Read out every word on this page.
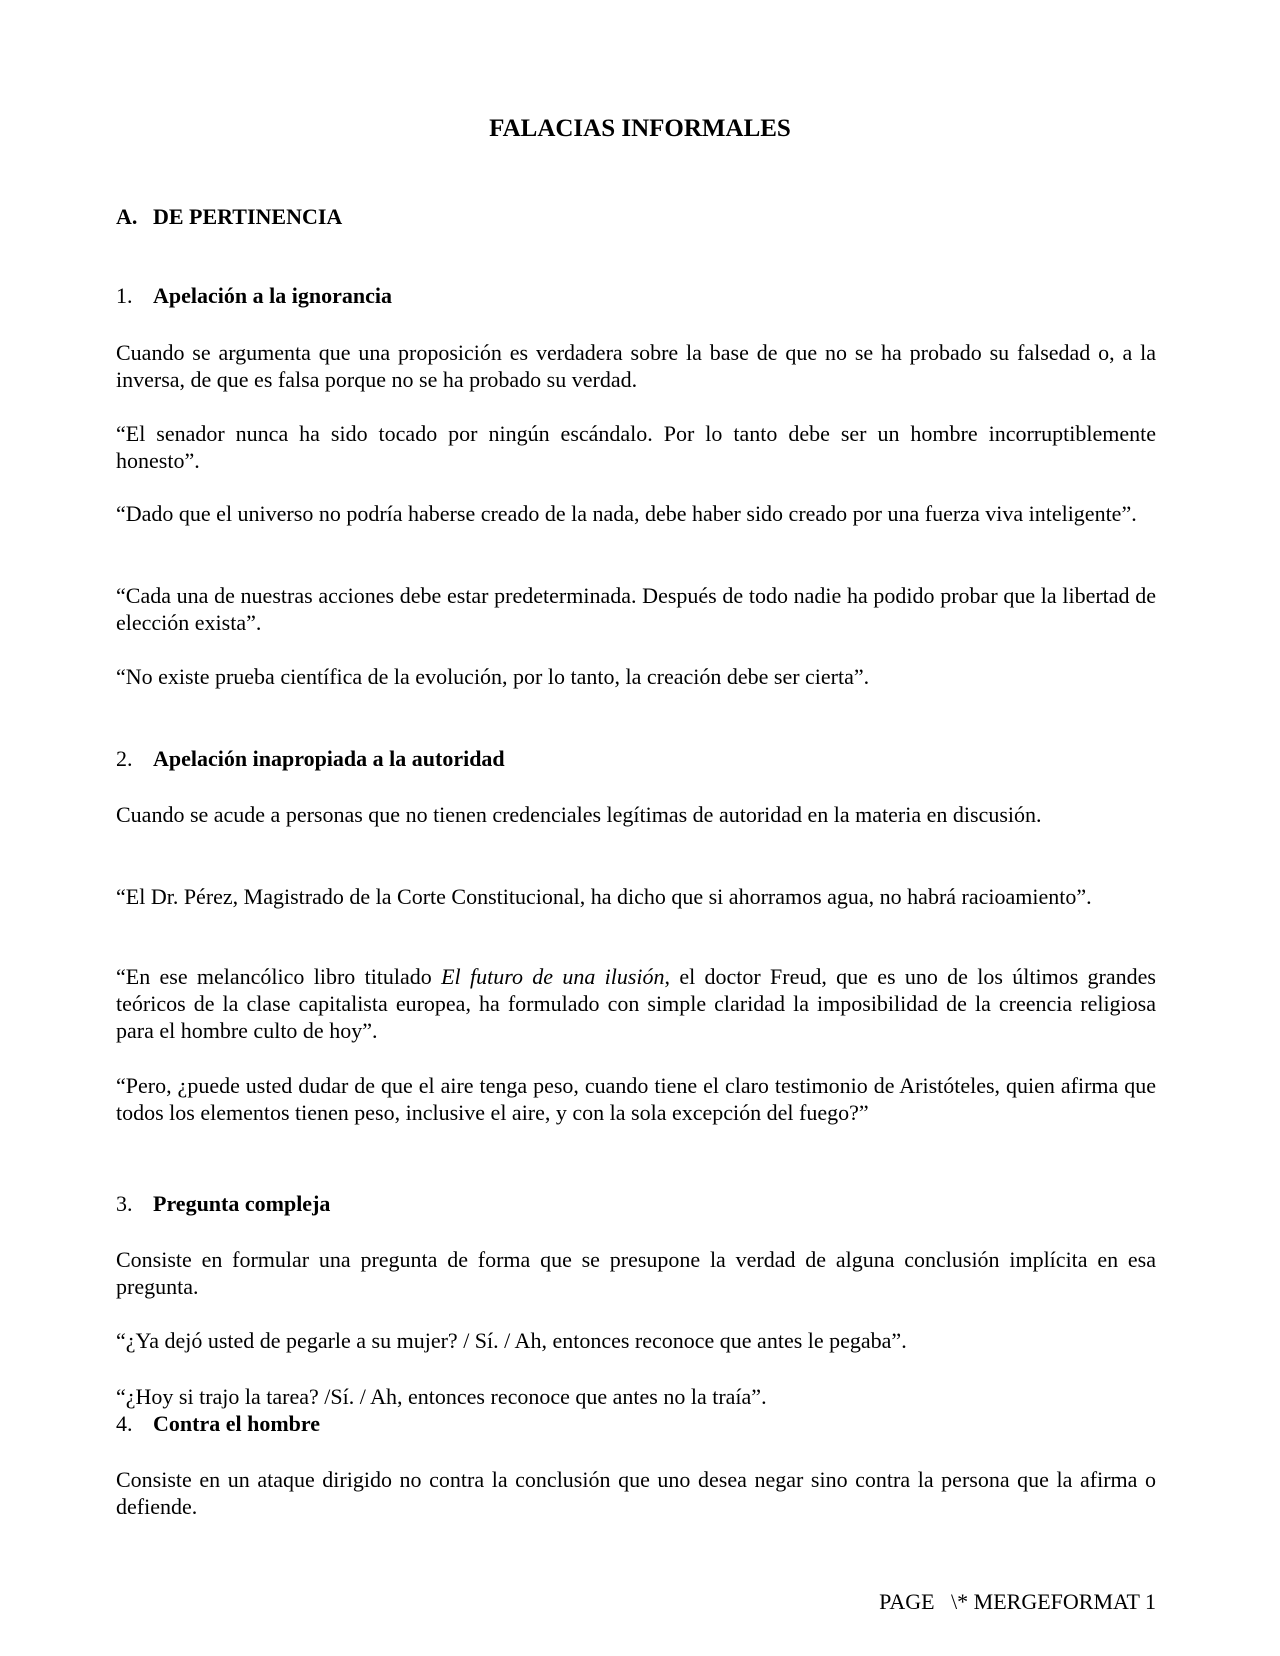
FALACIAS INFORMALES
A. DE PERTINENCIA
1. Apelación a la ignorancia

Cuando se argumenta que una proposición es verdadera sobre la base de que no se ha probado su falsedad o, a la inversa, de que es falsa porque no se ha probado su verdad.

“El senador nunca ha sido tocado por ningún escándalo. Por lo tanto debe ser un hombre incorruptiblemente honesto”.

“Dado que el universo no podría haberse creado de la nada, debe haber sido creado por una fuerza viva inteligente”.

“Cada una de nuestras acciones debe estar predeterminada. Después de todo nadie ha podido probar que la libertad de elección exista”.

“No existe prueba científica de la evolución, por lo tanto, la creación debe ser cierta”.

2. Apelación inapropiada a la autoridad

Cuando se acude a personas que no tienen credenciales legítimas de autoridad en la materia en discusión.

“El Dr. Pérez, Magistrado de la Corte Constitucional, ha dicho que si ahorramos agua, no habrá racioamiento”.

“En ese melancólico libro titulado El futuro de una ilusión, el doctor Freud, que es uno de los últimos grandes teóricos de la clase capitalista europea, ha formulado con simple claridad la imposibilidad de la creencia religiosa para el hombre culto de hoy”.

“Pero, ¿puede usted dudar de que el aire tenga peso, cuando tiene el claro testimonio de Aristóteles, quien afirma que todos los elementos tienen peso, inclusive el aire, y con la sola excepción del fuego?”

3. Pregunta compleja

Consiste en formular una pregunta de forma que se presupone la verdad de alguna conclusión implícita en esa pregunta.

“¿Ya dejó usted de pegarle a su mujer? / Sí. / Ah, entonces reconoce que antes le pegaba”.

“¿Hoy si trajo la tarea? /Sí. / Ah, entonces reconoce que antes no la traía”.

4. Contra el hombre

Consiste en un ataque dirigido no contra la conclusión que uno desea negar sino contra la persona que la afirma o defiende.

PAGE   \* MERGEFORMAT 1
